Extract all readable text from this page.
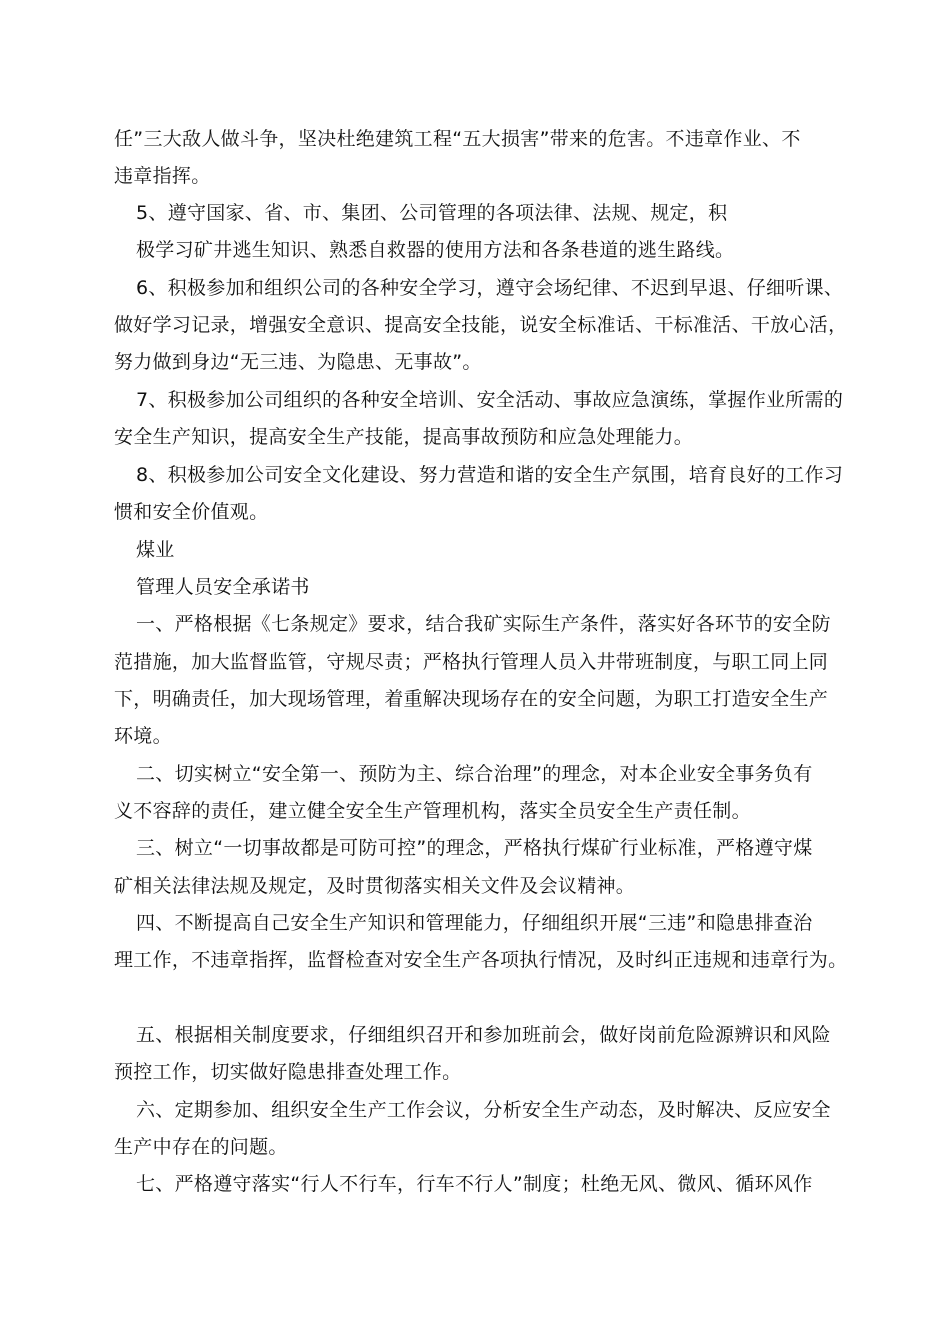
任”三大敌人做斗争，坚决杜绝建筑工程“五大损害”带来的危害。不违章作业、不
违章指挥。
5、遵守国家、省、市、集团、公司管理的各项法律、法规、规定，积
极学习矿井逃生知识、熟悉自救器的使用方法和各条巷道的逃生路线。
6、积极参加和组织公司的各种安全学习，遵守会场纪律、不迟到早退、仔细听课、
做好学习记录，增强安全意识、提高安全技能，说安全标准话、干标准活、干放心活，
努力做到身边“无三违、为隐患、无事故”。
7、积极参加公司组织的各种安全培训、安全活动、事故应急演练，掌握作业所需的
安全生产知识，提高安全生产技能，提高事故预防和应急处理能力。
8、积极参加公司安全文化建设、努力营造和谐的安全生产氛围，培育良好的工作习
惯和安全价值观。
煤业
管理人员安全承诺书
一、严格根据《七条规定》要求，结合我矿实际生产条件，落实好各环节的安全防
范措施，加大监督监管，守规尽责；严格执行管理人员入井带班制度，与职工同上同
下，明确责任，加大现场管理，着重解决现场存在的安全问题，为职工打造安全生产
环境。
二、切实树立“安全第一、预防为主、综合治理”的理念，对本企业安全事务负有
义不容辞的责任，建立健全安全生产管理机构，落实全员安全生产责任制。
三、树立“一切事故都是可防可控”的理念，严格执行煤矿行业标准，严格遵守煤
矿相关法律法规及规定，及时贯彻落实相关文件及会议精神。
四、不断提高自己安全生产知识和管理能力，仔细组织开展“三违”和隐患排查治
理工作，不违章指挥，监督检查对安全生产各项执行情况，及时纠正违规和违章行为。
五、根据相关制度要求，仔细组织召开和参加班前会，做好岗前危险源辨识和风险
预控工作，切实做好隐患排查处理工作。
六、定期参加、组织安全生产工作会议，分析安全生产动态，及时解决、反应安全
生产中存在的问题。
七、严格遵守落实“行人不行车，行车不行人”制度；杜绝无风、微风、循环风作
